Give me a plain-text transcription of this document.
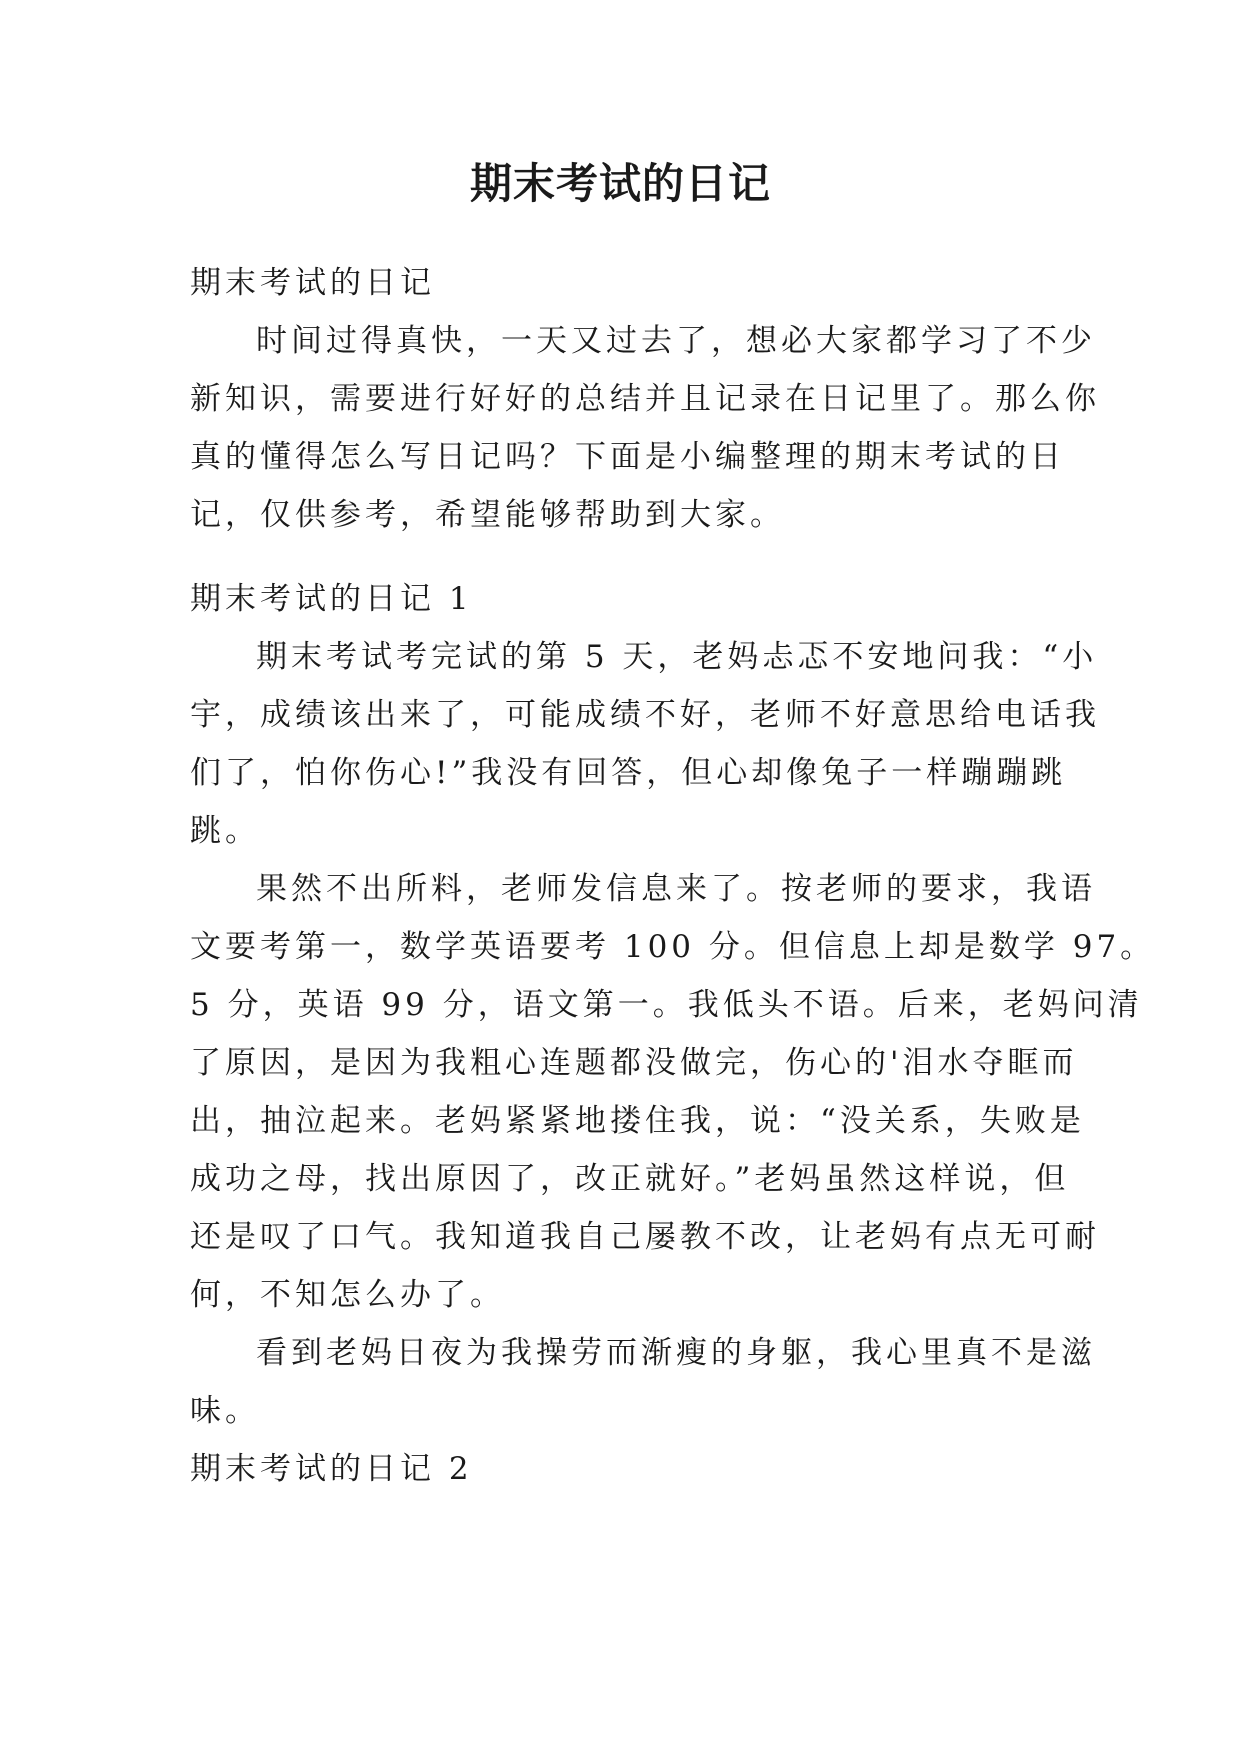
期末考试的日记
期末考试的日记
时间过得真快，一天又过去了，想必大家都学习了不少
新知识，需要进行好好的总结并且记录在日记里了。那么你
真的懂得怎么写日记吗？下面是小编整理的期末考试的日
记，仅供参考，希望能够帮助到大家。
期末考试的日记 1
期末考试考完试的第 5 天，老妈忐忑不安地问我：“小
宇，成绩该出来了，可能成绩不好，老师不好意思给电话我
们了，怕你伤心!”我没有回答，但心却像兔子一样蹦蹦跳
跳。
果然不出所料，老师发信息来了。按老师的要求，我语
文要考第一，数学英语要考 100 分。但信息上却是数学 97。
5 分，英语 99 分，语文第一。我低头不语。后来，老妈问清
了原因，是因为我粗心连题都没做完，伤心的'泪水夺眶而
出，抽泣起来。老妈紧紧地搂住我，说：“没关系，失败是
成功之母，找出原因了，改正就好。”老妈虽然这样说，但
还是叹了口气。我知道我自己屡教不改，让老妈有点无可耐
何，不知怎么办了。
看到老妈日夜为我操劳而渐瘦的身躯，我心里真不是滋
味。
期末考试的日记 2
